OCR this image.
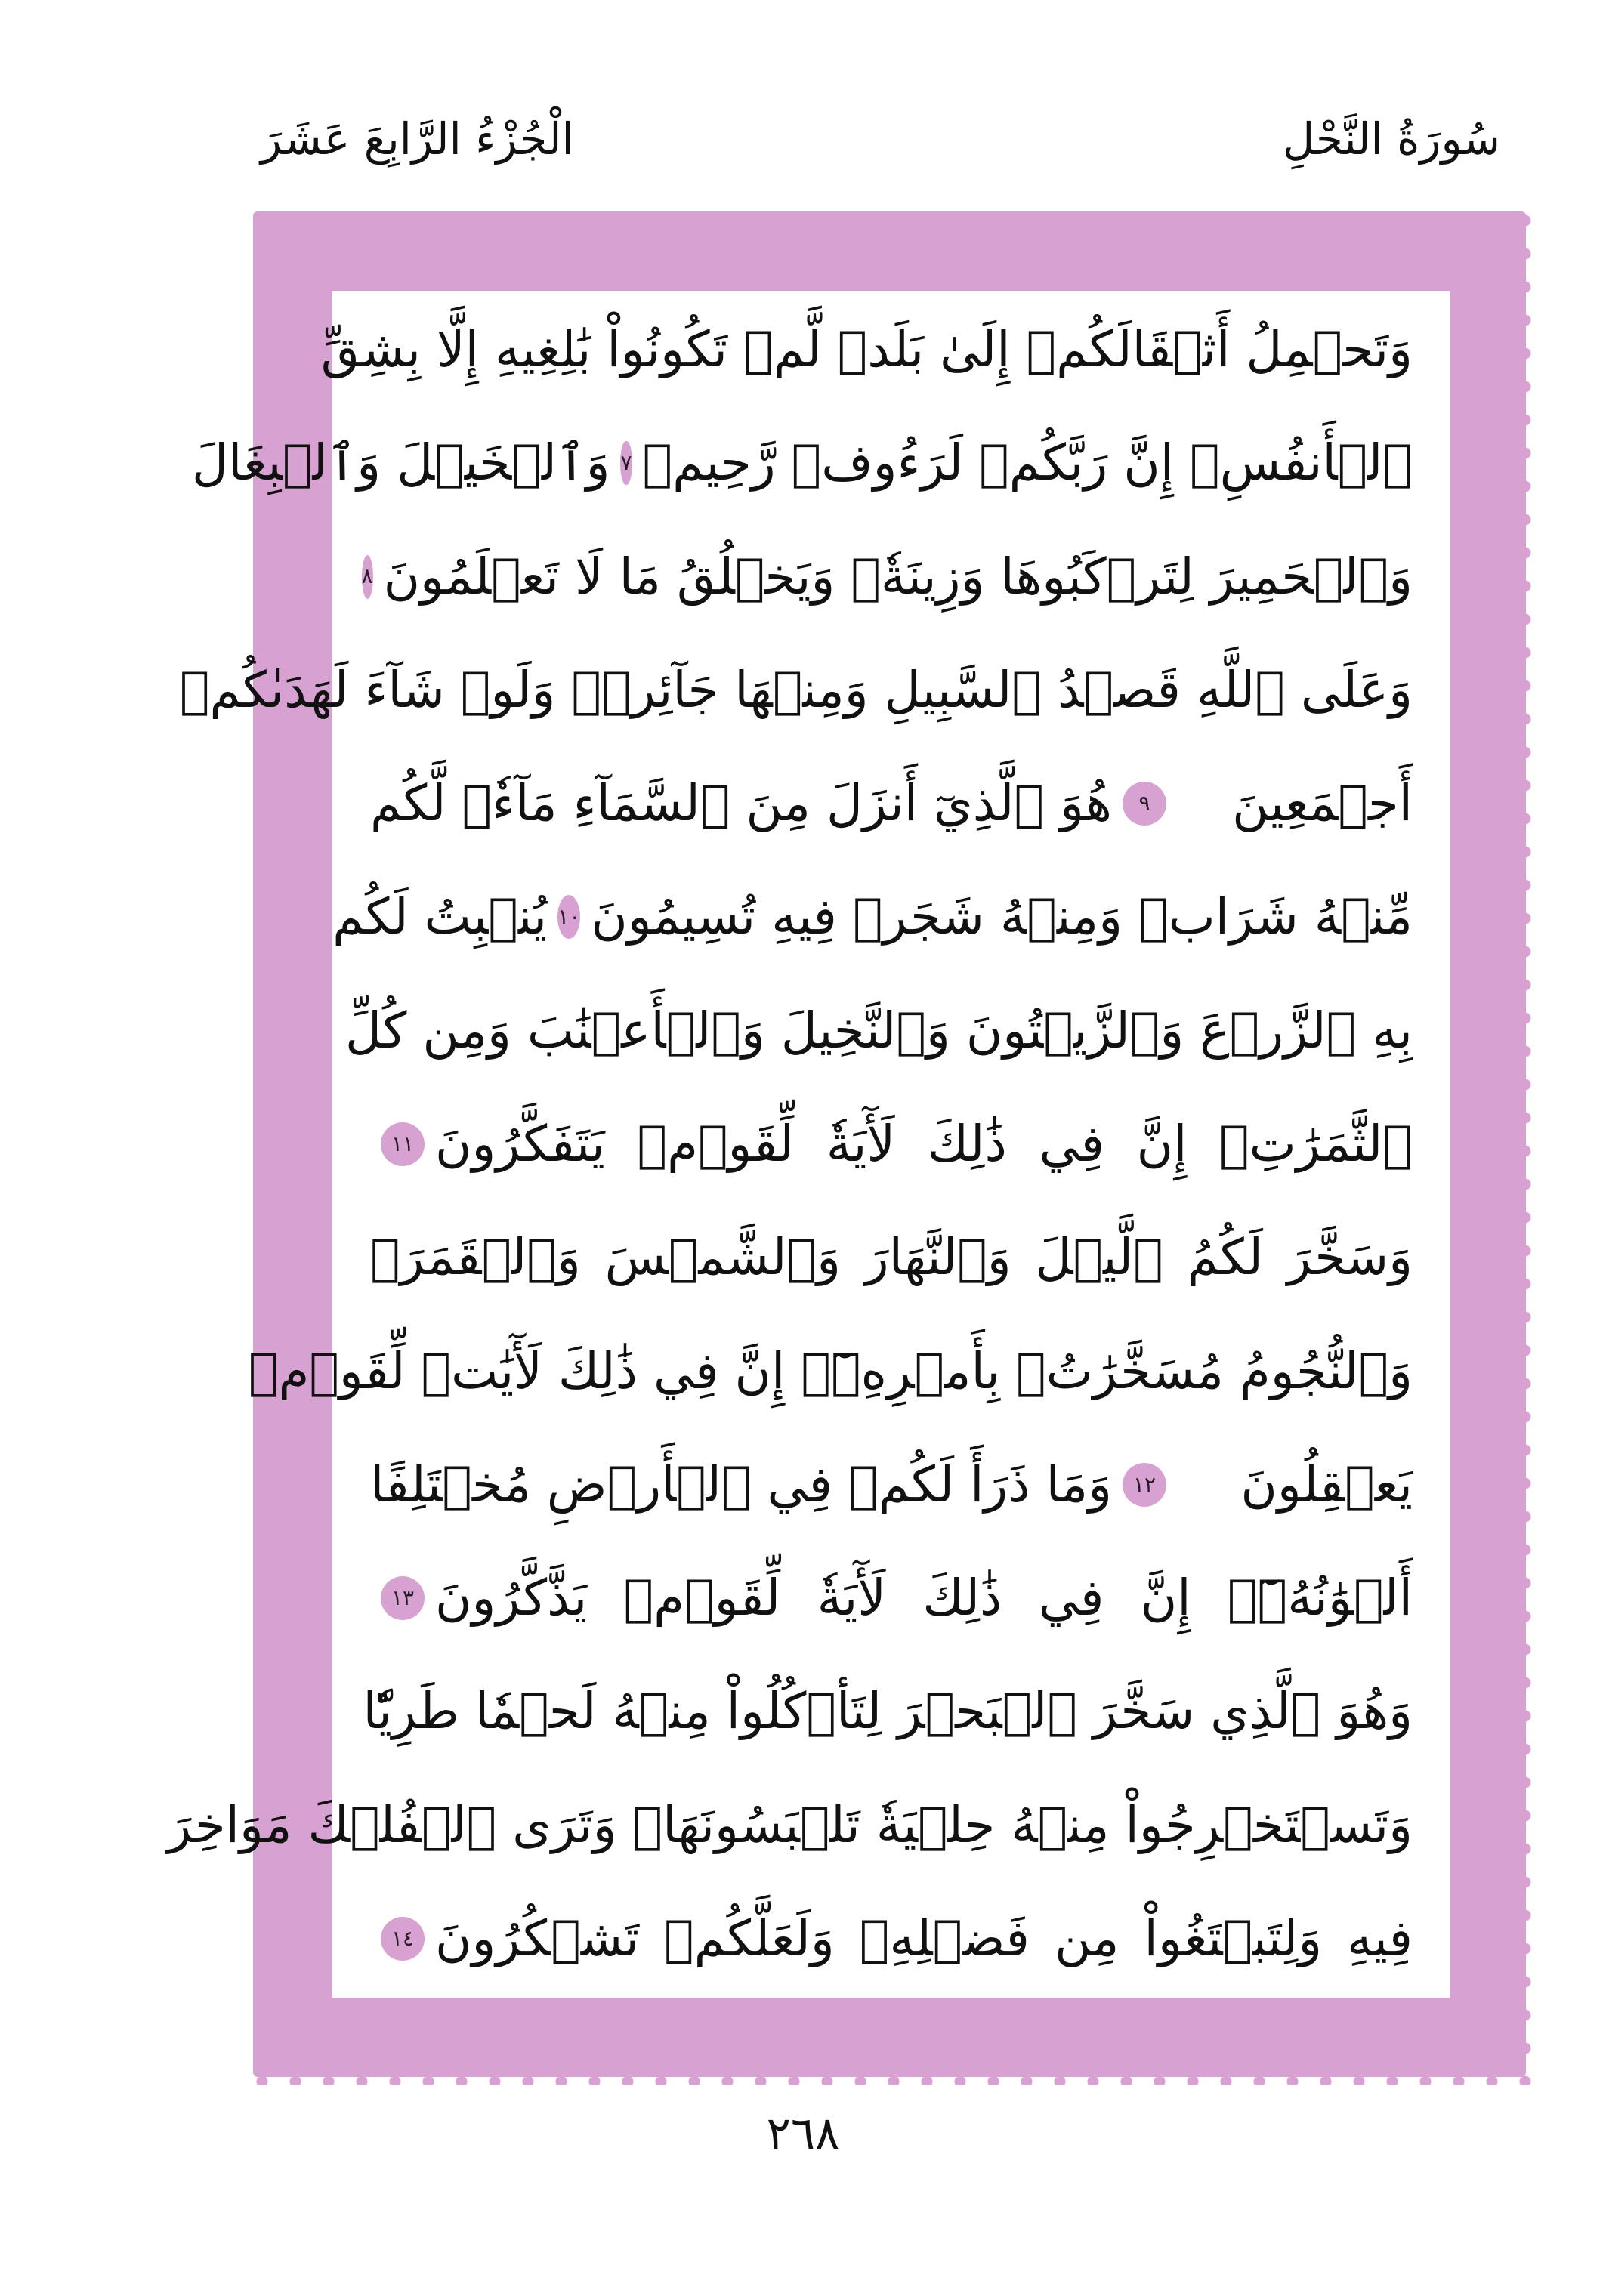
سُورَةُ النَّحْلِ
الْجُزْءُ الرَّابِعَ عَشَرَ
وَتَحۡمِلُ أَثۡقَالَكُمۡ إِلَىٰ بَلَدٖ لَّمۡ تَكُونُواْ بَٰلِغِيهِ إِلَّا بِشِقِّ
ٱلۡأَنفُسِۚ إِنَّ رَبَّكُمۡ لَرَءُوفٞ رَّحِيمٞ
٧
وَٱلۡخَيۡلَ وَٱلۡبِغَالَ
وَٱلۡحَمِيرَ لِتَرۡكَبُوهَا وَزِينَةٗۚ وَيَخۡلُقُ مَا لَا تَعۡلَمُونَ
٨
وَعَلَى ٱللَّهِ قَصۡدُ ٱلسَّبِيلِ وَمِنۡهَا جَآئِرٞۚ وَلَوۡ شَآءَ لَهَدَىٰكُمۡ
أَجۡمَعِينَ
٩
هُوَ ٱلَّذِيٓ أَنزَلَ مِنَ ٱلسَّمَآءِ مَآءٗۖ لَّكُم
مِّنۡهُ شَرَابٞ وَمِنۡهُ شَجَرٞ فِيهِ تُسِيمُونَ
١٠
يُنۢبِتُ لَكُم
بِهِ ٱلزَّرۡعَ وَٱلزَّيۡتُونَ وَٱلنَّخِيلَ وَٱلۡأَعۡنَٰبَ وَمِن كُلِّ
ٱلثَّمَرَٰتِۚ إِنَّ فِي ذَٰلِكَ لَأٓيَةٗ لِّقَوۡمٖ يَتَفَكَّرُونَ
١١
وَسَخَّرَ لَكُمُ ٱلَّيۡلَ وَٱلنَّهَارَ وَٱلشَّمۡسَ وَٱلۡقَمَرَۖ
وَٱلنُّجُومُ مُسَخَّرَٰتُۢ بِأَمۡرِهِۦٓۚ إِنَّ فِي ذَٰلِكَ لَأٓيَٰتٖ لِّقَوۡمٖ
يَعۡقِلُونَ
١٢
وَمَا ذَرَأَ لَكُمۡ فِي ٱلۡأَرۡضِ مُخۡتَلِفًا
أَلۡوَٰنُهُۥٓۚ إِنَّ فِي ذَٰلِكَ لَأٓيَةٗ لِّقَوۡمٖ يَذَّكَّرُونَ
١٣
وَهُوَ ٱلَّذِي سَخَّرَ ٱلۡبَحۡرَ لِتَأۡكُلُواْ مِنۡهُ لَحۡمٗا طَرِيّٗا
وَتَسۡتَخۡرِجُواْ مِنۡهُ حِلۡيَةٗ تَلۡبَسُونَهَاۖ وَتَرَى ٱلۡفُلۡكَ مَوَاخِرَ
فِيهِ وَلِتَبۡتَغُواْ مِن فَضۡلِهِۦ وَلَعَلَّكُمۡ تَشۡكُرُونَ
١٤
٢٦٨
